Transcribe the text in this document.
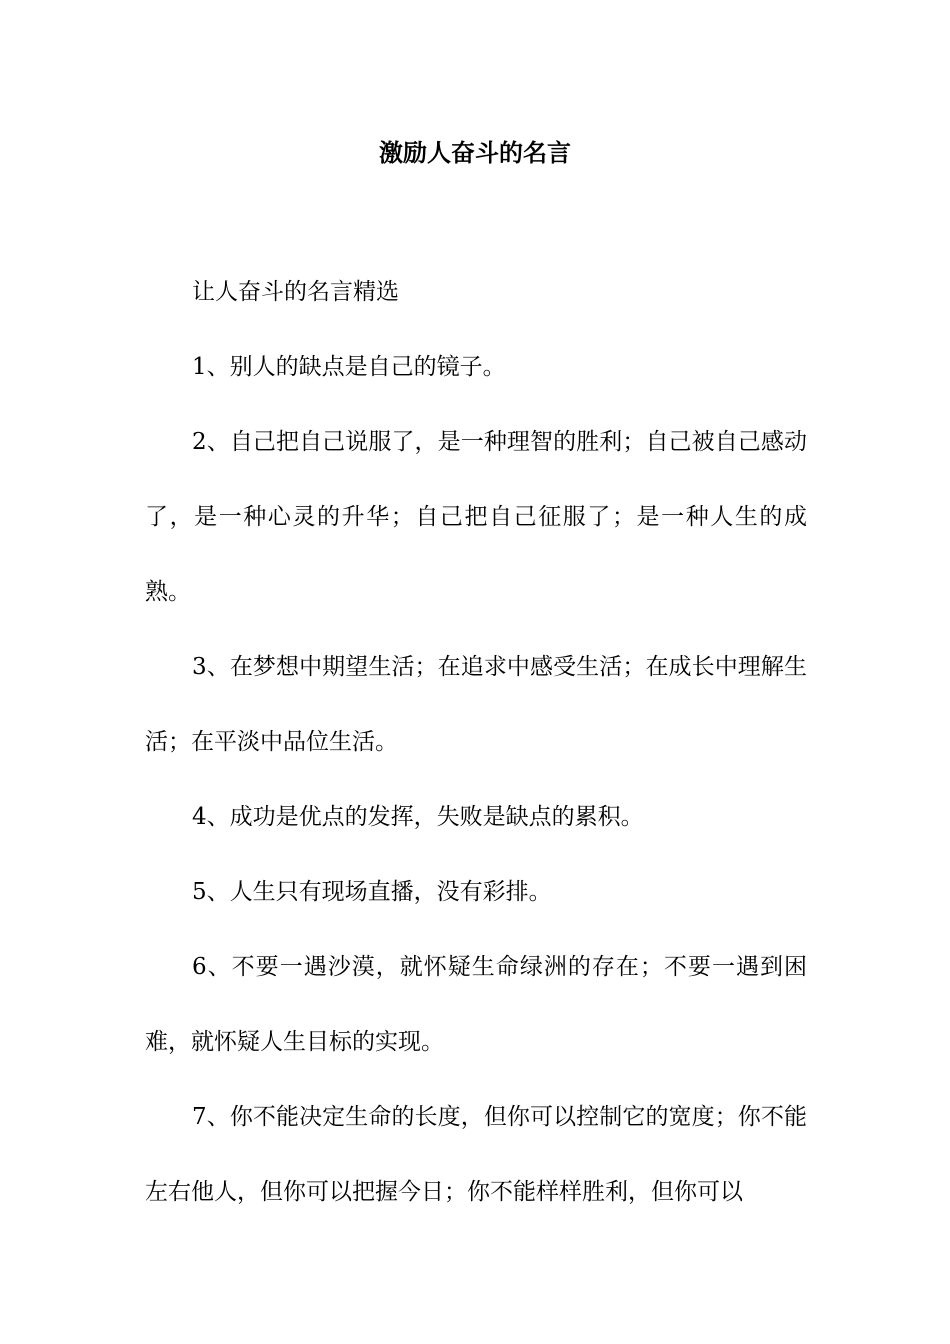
激励人奋斗的名言

让人奋斗的名言精选

1、别人的缺点是自己的镜子。

2、自己把自己说服了，是一种理智的胜利；自己被自己感动了，是一种心灵的升华；自己把自己征服了；是一种人生的成熟。

3、在梦想中期望生活；在追求中感受生活；在成长中理解生活；在平淡中品位生活。

4、成功是优点的发挥，失败是缺点的累积。

5、人生只有现场直播，没有彩排。

6、不要一遇沙漠，就怀疑生命绿洲的存在；不要一遇到困难，就怀疑人生目标的实现。

7、你不能决定生命的长度，但你可以控制它的宽度；你不能左右他人，但你可以把握今日；你不能样样胜利，但你可以
